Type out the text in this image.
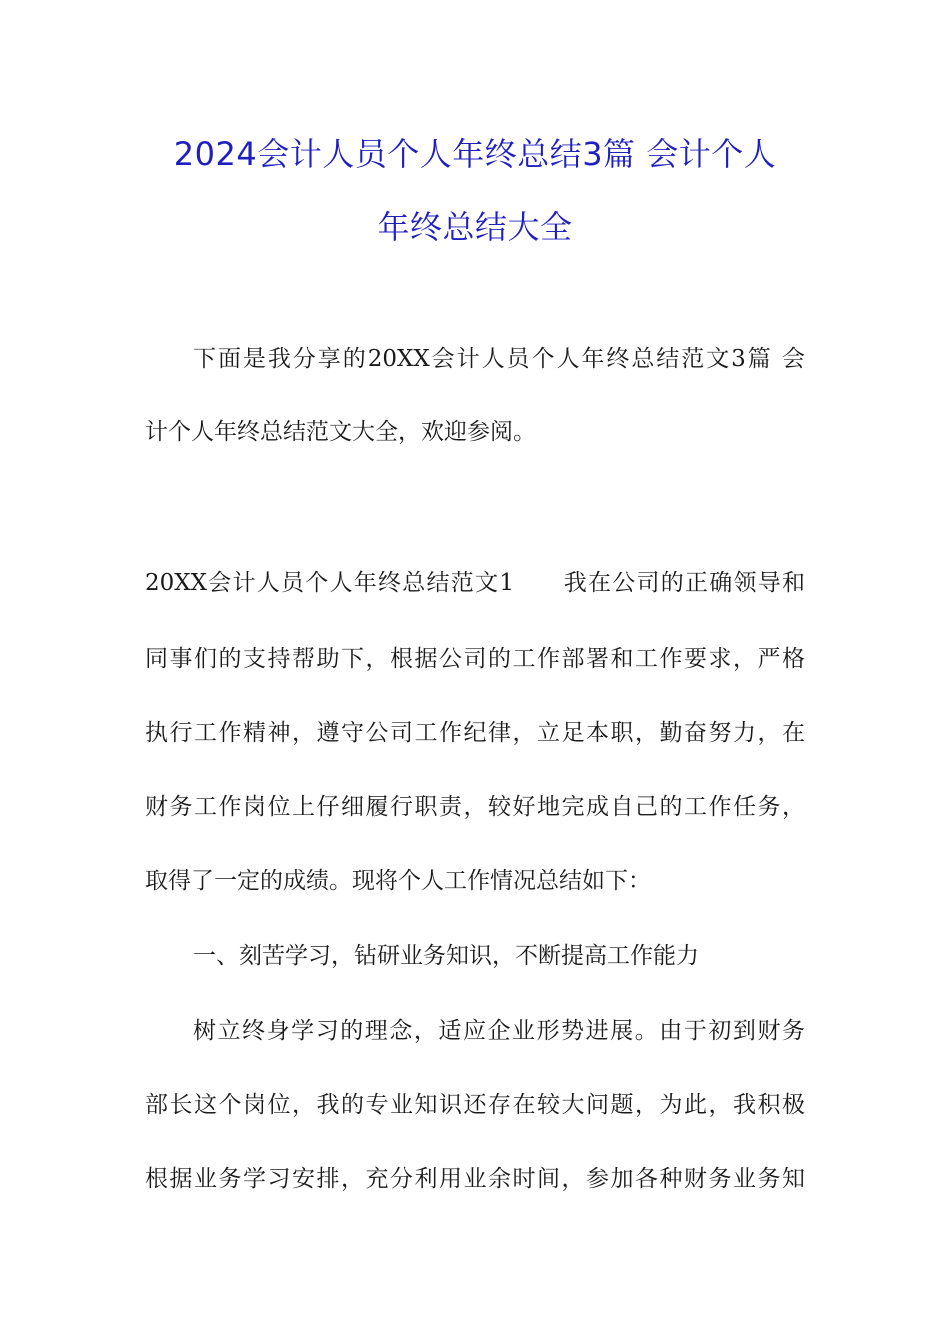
2024会计人员个人年终总结3篇 会计个人
年终总结大全
下面是我分享的20XX会计人员个人年终总结范文3篇 会
计个人年终总结范文大全，欢迎参阅。
20XX会计人员个人年终总结范文1　　我在公司的正确领导和
同事们的支持帮助下，根据公司的工作部署和工作要求，严格
执行工作精神，遵守公司工作纪律，立足本职，勤奋努力，在
财务工作岗位上仔细履行职责，较好地完成自己的工作任务，
取得了一定的成绩。现将个人工作情况总结如下：
一、刻苦学习，钻研业务知识，不断提高工作能力
树立终身学习的理念，适应企业形势进展。由于初到财务
部长这个岗位，我的专业知识还存在较大问题，为此，我积极
根据业务学习安排，充分利用业余时间，参加各种财务业务知
